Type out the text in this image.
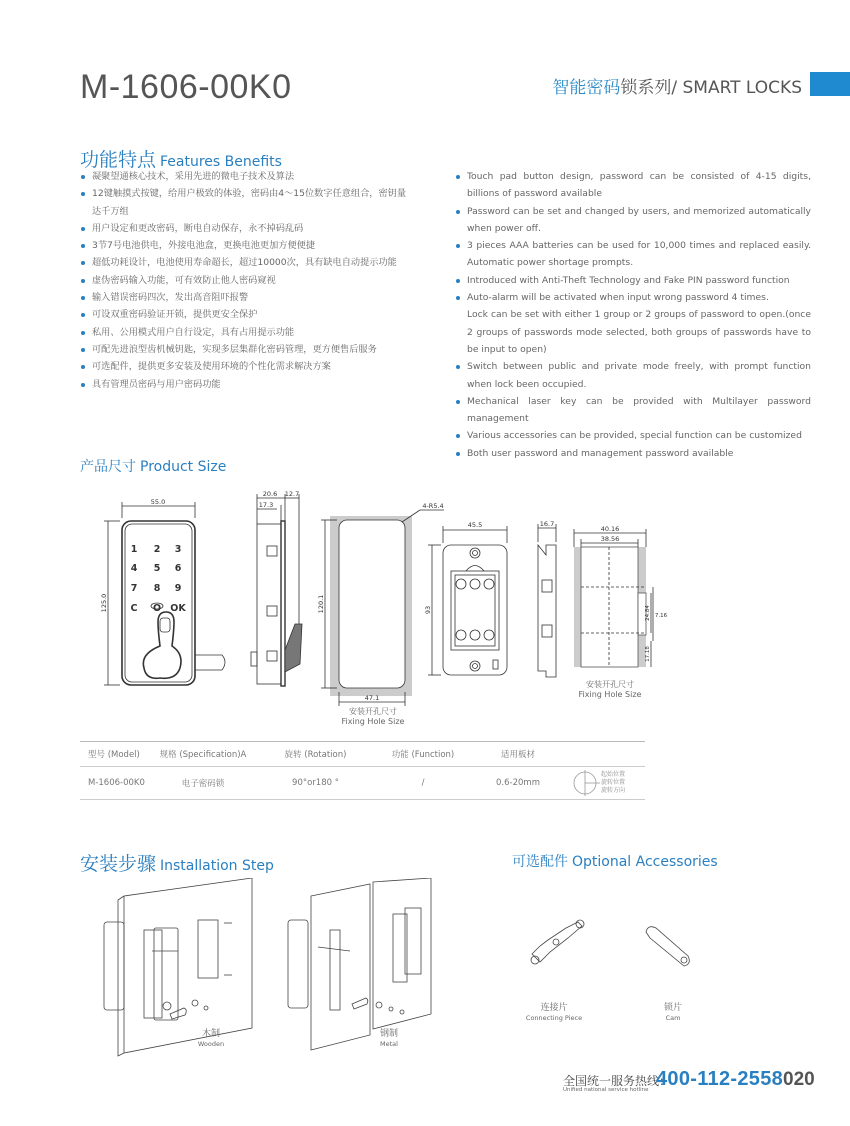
M-1606-00K0	智能密码锁系列/ SMART LOCKS
功能特点 Features Benefits
凝聚望通核心技术，采用先进的微电子技术及算法
12键触摸式按键，给用户极致的体验，密码由4～15位数字任意组合，密钥量达千万组
用户设定和更改密码，断电自动保存，永不掉码乱码
3节7号电池供电，外接电池盒，更换电池更加方便便捷
超低功耗设计，电池使用寿命超长，超过10000次，具有缺电自动提示功能
虚伪密码输入功能，可有效防止他人密码窥视
输入错误密码四次，发出高音阻吓报警
可设双重密码验证开锁，提供更安全保护
私用、公用模式用户自行设定，具有占用提示功能
可配先进浪型齿机械钥匙，实现多层集群化密码管理，更方便售后服务
可选配件，提供更多安装及使用环境的个性化需求解决方案
具有管理员密码与用户密码功能
Touch pad button design, password can be consisted of 4-15 digits, billions of password available
Password can be set and changed by users, and memorized automatically when power off.
3 pieces AAA batteries can be used for 10,000 times and replaced easily. Automatic power shortage prompts.
Introduced with Anti-Theft Technology and Fake PIN password function
Auto-alarm will be activated when input wrong password 4 times.
Lock can be set with either 1 group or 2 groups of password to open.(once 2 groups of passwords mode selected, both groups of passwords have to be input to open)
Switch between public and private mode freely, with prompt function when lock been occupied.
Mechanical laser key can be provided with Multilayer password management
Various accessories can be provided, special function can be customized
Both user password and management password available
产品尺寸 Product Size
1 2 3
4 5 6
7 8 9
C O OK
55.0
125.0
20.6 12.7
17.3
120.1
47.1
4-R5.4
45.5
93
16.7
40.16
38.56
24.84 7.16
17.18
安装开孔尺寸
Fixing Hole Size
安装开孔尺寸
Fixing Hole Size
型号 (Model)	规格 (Specification)A	旋转 (Rotation)	功能 (Function)	适用板材
M-1606-00K0	电子密码锁	90°or180 °	/	0.6-20mm
起始位置
旋转位置
旋转方向
安装步骤 Installation Step
木制
Wooden
钢制
Metal
可选配件 Optional Accessories
连接片
Connecting Piece
锁片
Cam
全国统一服务热线：
Unified national service hotline 400-112-2558 020
